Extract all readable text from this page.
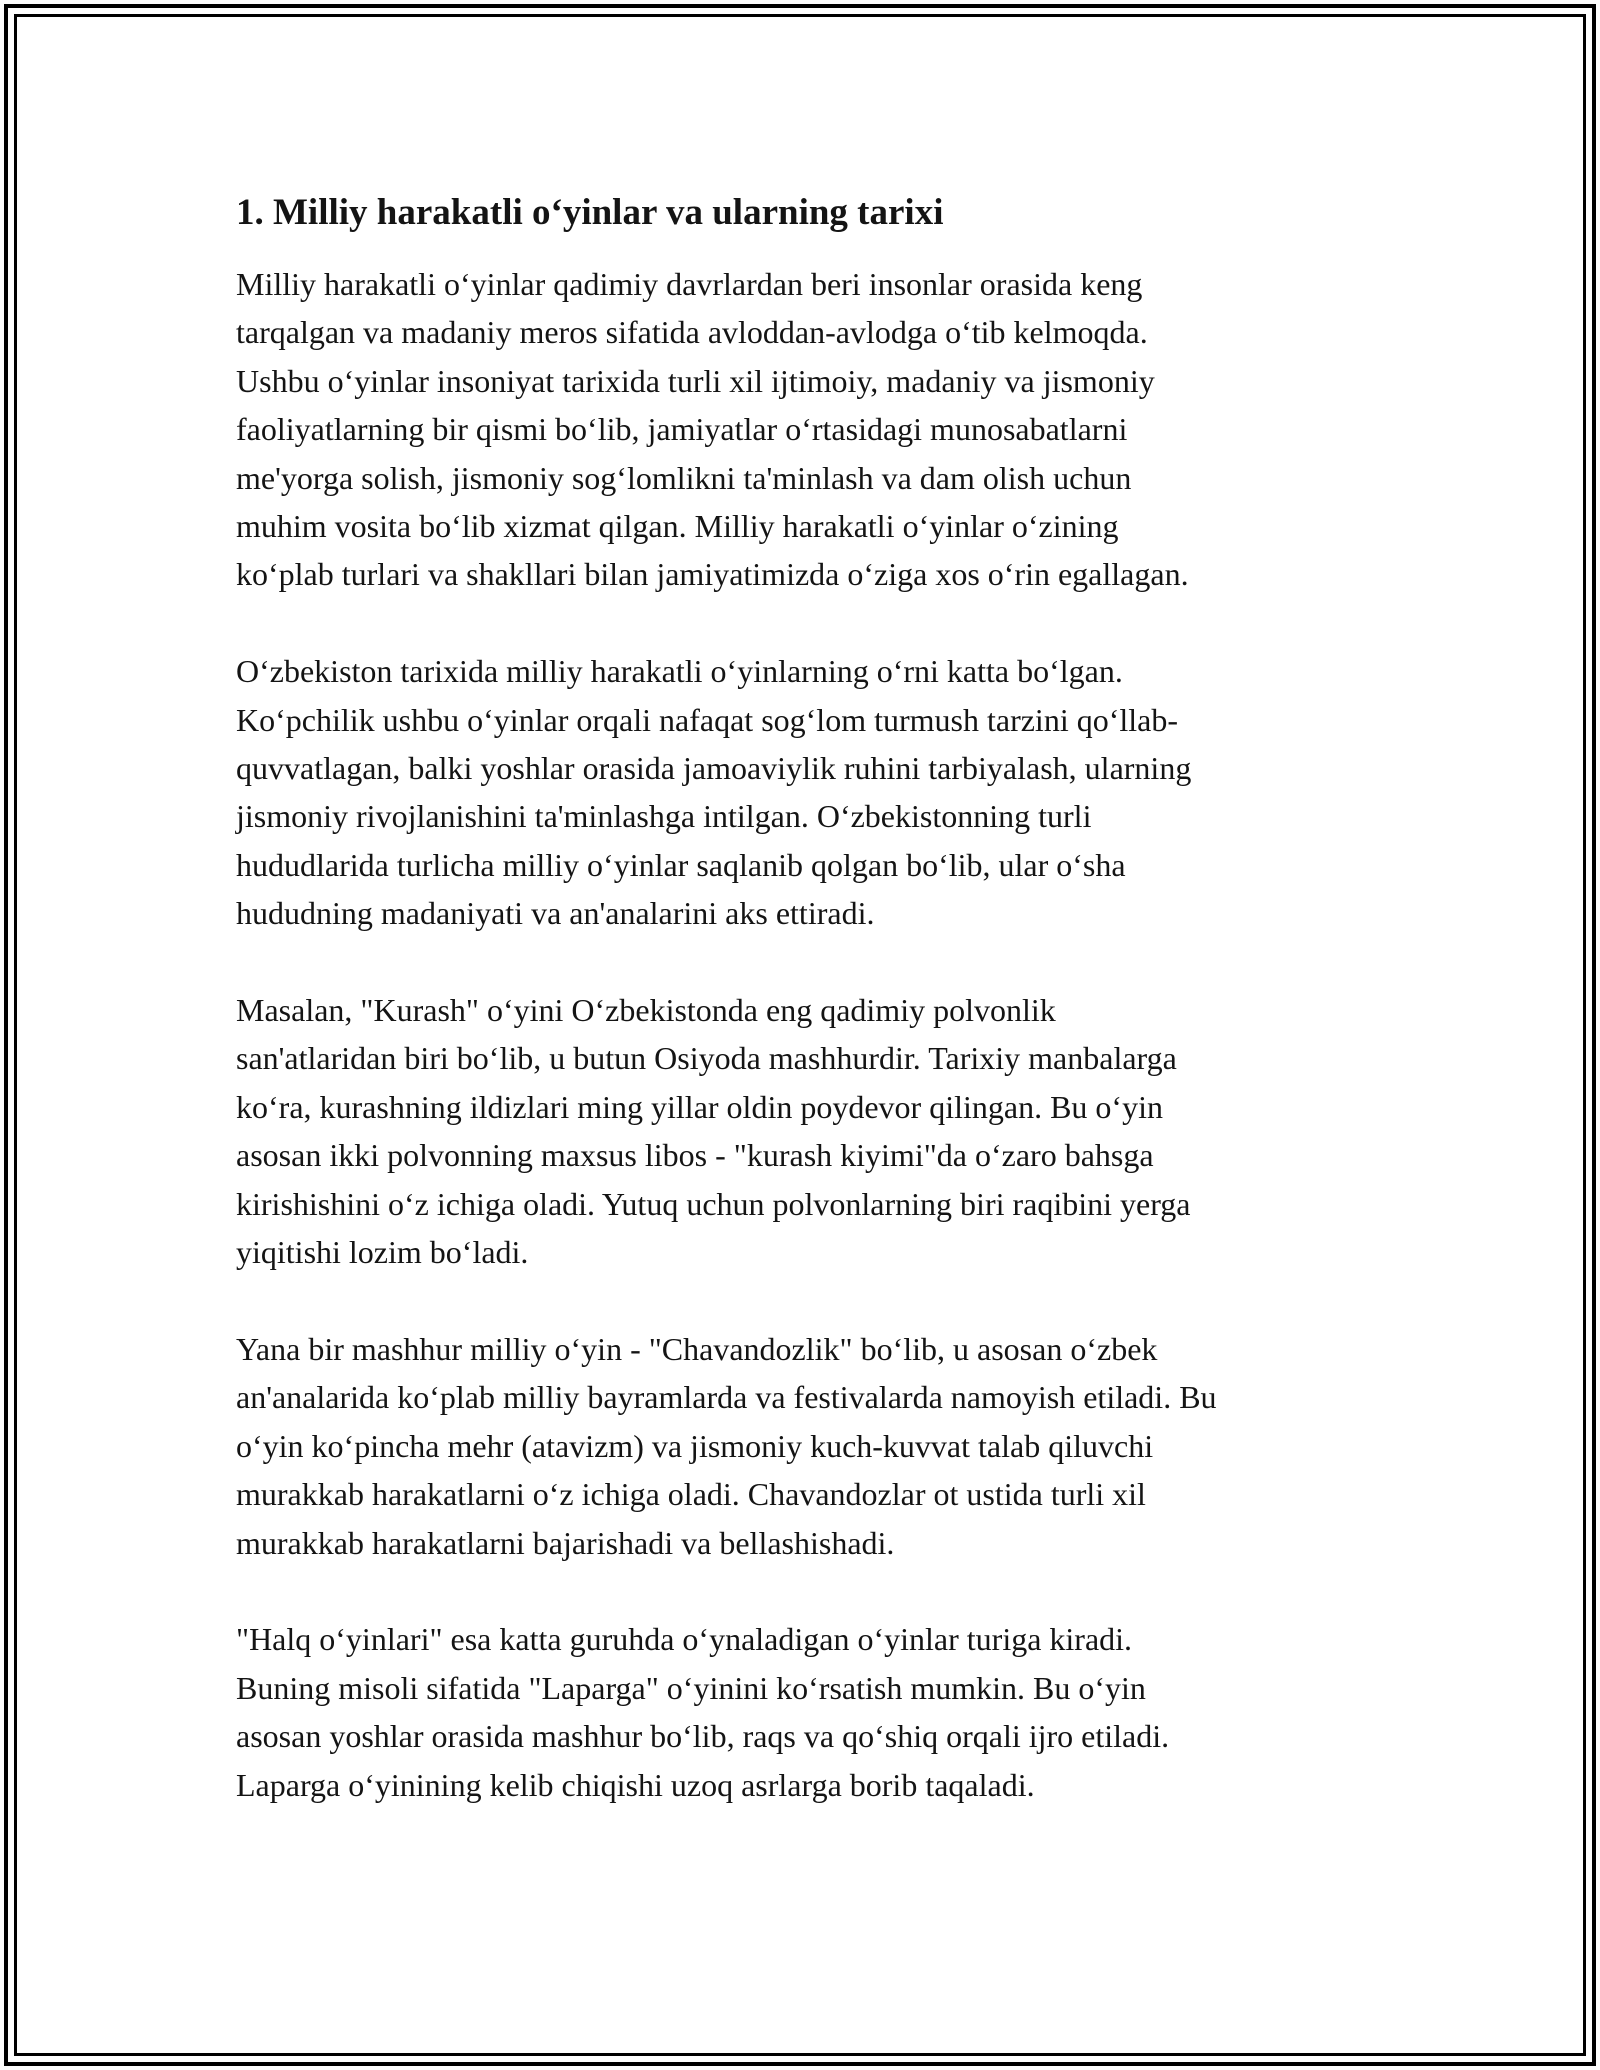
1. Milliy harakatli o‘yinlar va ularning tarixi

Milliy harakatli o‘yinlar qadimiy davrlardan beri insonlar orasida keng
tarqalgan va madaniy meros sifatida avloddan-avlodga o‘tib kelmoqda.
Ushbu o‘yinlar insoniyat tarixida turli xil ijtimoiy, madaniy va jismoniy
faoliyatlarning bir qismi bo‘lib, jamiyatlar o‘rtasidagi munosabatlarni
me'yorga solish, jismoniy sog‘lomlikni ta'minlash va dam olish uchun
muhim vosita bo‘lib xizmat qilgan. Milliy harakatli o‘yinlar o‘zining
ko‘plab turlari va shakllari bilan jamiyatimizda o‘ziga xos o‘rin egallagan.

O‘zbekiston tarixida milliy harakatli o‘yinlarning o‘rni katta bo‘lgan.
Ko‘pchilik ushbu o‘yinlar orqali nafaqat sog‘lom turmush tarzini qo‘llab-
quvvatlagan, balki yoshlar orasida jamoaviylik ruhini tarbiyalash, ularning
jismoniy rivojlanishini ta'minlashga intilgan. O‘zbekistonning turli
hududlarida turlicha milliy o‘yinlar saqlanib qolgan bo‘lib, ular o‘sha
hududning madaniyati va an'analarini aks ettiradi.

Masalan, "Kurash" o‘yini O‘zbekistonda eng qadimiy polvonlik
san'atlaridan biri bo‘lib, u butun Osiyoda mashhurdir. Tarixiy manbalarga
ko‘ra, kurashning ildizlari ming yillar oldin poydevor qilingan. Bu o‘yin
asosan ikki polvonning maxsus libos - "kurash kiyimi"da o‘zaro bahsga
kirishishini o‘z ichiga oladi. Yutuq uchun polvonlarning biri raqibini yerga
yiqitishi lozim bo‘ladi.

Yana bir mashhur milliy o‘yin - "Chavandozlik" bo‘lib, u asosan o‘zbek
an'analarida ko‘plab milliy bayramlarda va festivalarda namoyish etiladi. Bu
o‘yin ko‘pincha mehr (atavizm) va jismoniy kuch-kuvvat talab qiluvchi
murakkab harakatlarni o‘z ichiga oladi. Chavandozlar ot ustida turli xil
murakkab harakatlarni bajarishadi va bellashishadi.

"Halq o‘yinlari" esa katta guruhda o‘ynaladigan o‘yinlar turiga kiradi.
Buning misoli sifatida "Laparga" o‘yinini ko‘rsatish mumkin. Bu o‘yin
asosan yoshlar orasida mashhur bo‘lib, raqs va qo‘shiq orqali ijro etiladi.
Laparga o‘yinining kelib chiqishi uzoq asrlarga borib taqaladi.
